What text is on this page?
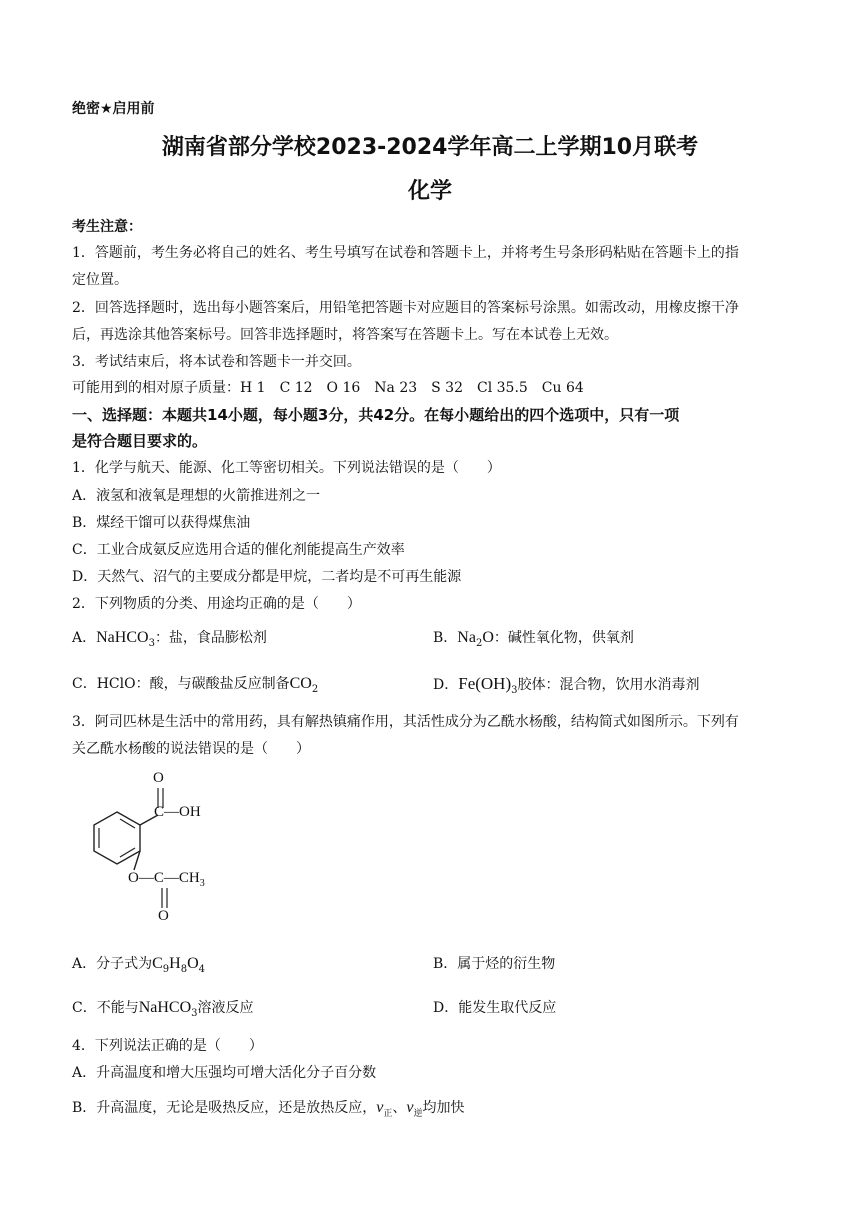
绝密★启用前
湖南省部分学校2023-2024学年高二上学期10月联考
化学
考生注意：
1．答题前，考生务必将自己的姓名、考生号填写在试卷和答题卡上，并将考生号条形码粘贴在答题卡上的指
定位置。
2．回答选择题时，选出每小题答案后，用铅笔把答题卡对应题目的答案标号涂黑。如需改动，用橡皮擦干净
后，再选涂其他答案标号。回答非选择题时，将答案写在答题卡上。写在本试卷上无效。
3．考试结束后，将本试卷和答题卡一并交回。
可能用到的相对原子质量：H 1　C 12　O 16　Na 23　S 32　Cl 35.5　Cu 64
一、选择题：本题共14小题，每小题3分，共42分。在每小题给出的四个选项中，只有一项
是符合题目要求的。
1．化学与航天、能源、化工等密切相关。下列说法错误的是（　　）
A．液氢和液氧是理想的火箭推进剂之一
B．煤经干馏可以获得煤焦油
C．工业合成氨反应选用合适的催化剂能提高生产效率
D．天然气、沼气的主要成分都是甲烷，二者均是不可再生能源
2．下列物质的分类、用途均正确的是（　　）
A．NaHCO$_3$：盐，食品膨松剂	B．$Na_2O$：碱性氧化物，供氧剂
C．HClO：酸，与碳酸盐反应制备$CO_2$	D．$Fe(OH)_3$胶体：混合物，饮用水消毒剂
3．阿司匹林是生活中的常用药，具有解热镇痛作用，其活性成分为乙酰水杨酸，结构简式如图所示。下列有
关乙酰水杨酸的说法错误的是（　　）
O
C—OH
$O—C—CH_3$
O
A．分子式为$C_9H_8O_4$	B．属于烃的衍生物
C．不能与NaHCO$_3$溶液反应	D．能发生取代反应
4．下列说法正确的是（　　）
A．升高温度和增大压强均可增大活化分子百分数
B．升高温度，无论是吸热反应，还是放热反应，$v_正$、$v_逆$均加快
